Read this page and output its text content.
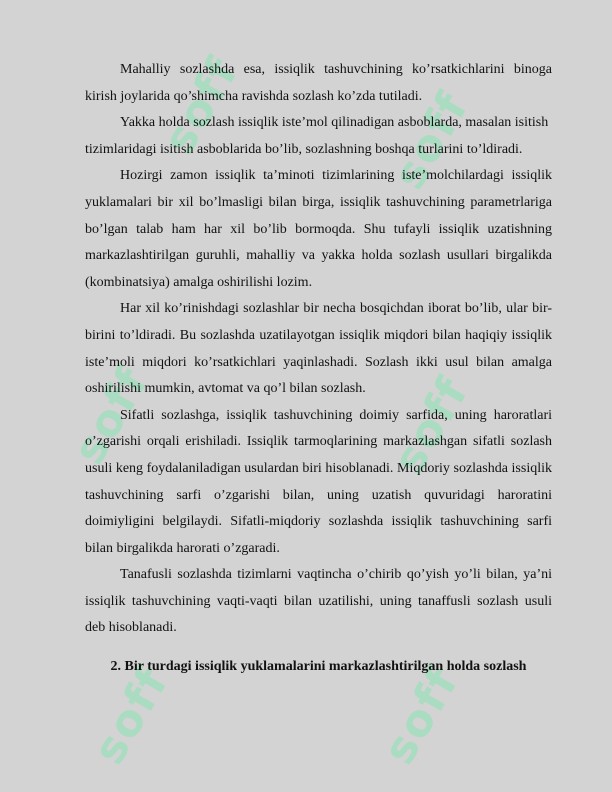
soff	soff
soff	soff
soff	soff

Mahalliy sozlashda esa, issiqlik tashuvchining ko’rsatkichlarini binoga kirish joylarida qo’shimcha ravishda sozlash ko’zda tutiladi.

Yakka holda sozlash issiqlik iste’mol qilinadigan asboblarda, masalan isitish tizimlaridagi isitish asboblarida bo’lib, sozlashning boshqa turlarini to’ldiradi.

Hozirgi zamon issiqlik ta’minoti tizimlarining iste’molchilardagi issiqlik yuklamalari bir xil bo’lmasligi bilan birga, issiqlik tashuvchining parametrlariga bo’lgan talab ham har xil bo’lib bormoqda. Shu tufayli issiqlik uzatishning markazlashtirilgan guruhli, mahalliy va yakka holda sozlash usullari birgalikda (kombinatsiya) amalga oshirilishi lozim.

Har xil ko’rinishdagi sozlashlar bir necha bosqichdan iborat bo’lib, ular bir-birini to’ldiradi. Bu sozlashda uzatilayotgan issiqlik miqdori bilan haqiqiy issiqlik iste’moli miqdori ko’rsatkichlari yaqinlashadi. Sozlash ikki usul bilan amalga oshirilishi mumkin, avtomat va qo’l bilan sozlash.

Sifatli sozlashga, issiqlik tashuvchining doimiy sarfida, uning haroratlari o’zgarishi orqali erishiladi. Issiqlik tarmoqlarining markazlashgan sifatli sozlash usuli keng foydalaniladigan usulardan biri hisoblanadi. Miqdoriy sozlashda issiqlik tashuvchining sarfi o’zgarishi bilan, uning uzatish quvuridagi haroratini doimiyligini belgilaydi. Sifatli-miqdoriy sozlashda issiqlik tashuvchining sarfi bilan birgalikda harorati o’zgaradi.

Tanafusli sozlashda tizimlarni vaqtincha o’chirib qo’yish yo’li bilan, ya’ni issiqlik tashuvchining vaqti-vaqti bilan uzatilishi, uning tanaffusli sozlash usuli deb hisoblanadi.

2. Bir turdagi issiqlik yuklamalarini markazlashtirilgan holda sozlash
